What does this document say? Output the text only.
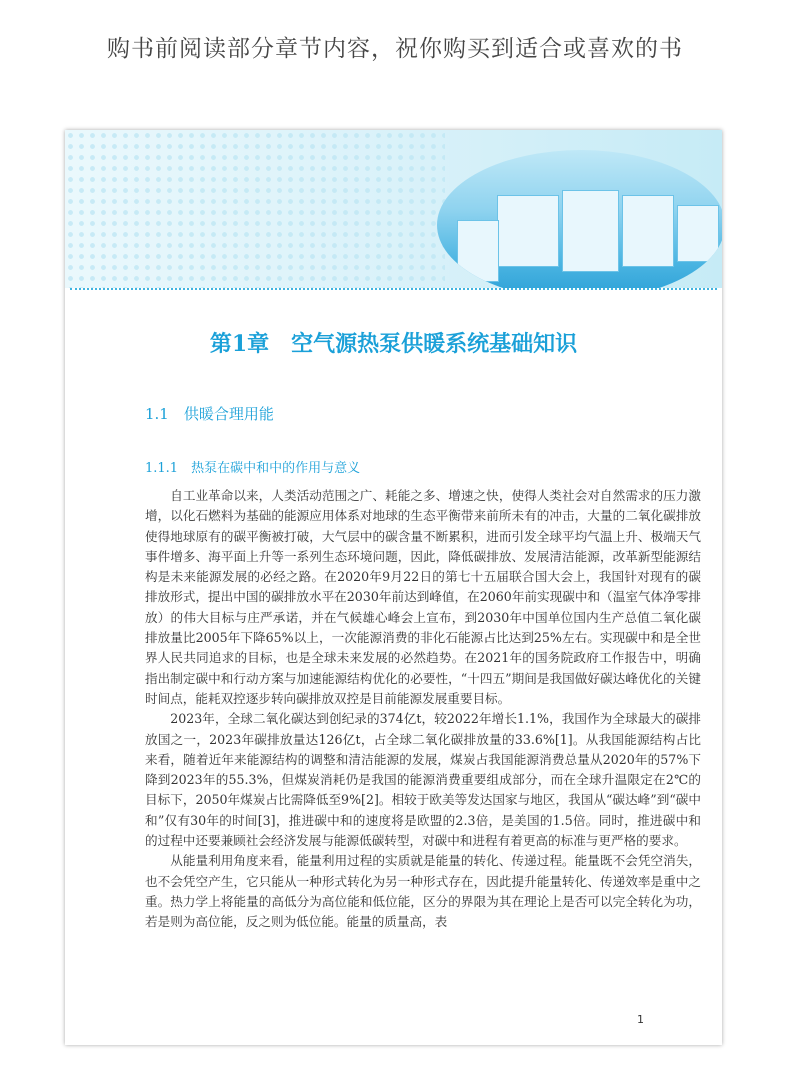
购书前阅读部分章节内容，祝你购买到适合或喜欢的书
第1章　空气源热泵供暖系统基础知识
1.1　供暖合理用能
1.1.1　热泵在碳中和中的作用与意义

自工业革命以来，人类活动范围之广、耗能之多、增速之快，使得人类社会对自然需求的压力激增，以化石燃料为基础的能源应用体系对地球的生态平衡带来前所未有的冲击，大量的二氧化碳排放使得地球原有的碳平衡被打破，大气层中的碳含量不断累积，进而引发全球平均气温上升、极端天气事件增多、海平面上升等一系列生态环境问题，因此，降低碳排放、发展清洁能源，改革新型能源结构是未来能源发展的必经之路。在2020年9月22日的第七十五届联合国大会上，我国针对现有的碳排放形式，提出中国的碳排放水平在2030年前达到峰值，在2060年前实现碳中和（温室气体净零排放）的伟大目标与庄严承诺，并在气候雄心峰会上宣布，到2030年中国单位国内生产总值二氧化碳排放量比2005年下降65%以上，一次能源消费的非化石能源占比达到25%左右。实现碳中和是全世界人民共同追求的目标，也是全球未来发展的必然趋势。在2021年的国务院政府工作报告中，明确指出制定碳中和行动方案与加速能源结构优化的必要性，“十四五”期间是我国做好碳达峰优化的关键时间点，能耗双控逐步转向碳排放双控是目前能源发展重要目标。

2023年，全球二氧化碳达到创纪录的374亿t，较2022年增长1.1%，我国作为全球最大的碳排放国之一，2023年碳排放量达126亿t，占全球二氧化碳排放量的33.6%[1]。从我国能源结构占比来看，随着近年来能源结构的调整和清洁能源的发展，煤炭占我国能源消费总量从2020年的57%下降到2023年的55.3%，但煤炭消耗仍是我国的能源消费重要组成部分，而在全球升温限定在2℃的目标下，2050年煤炭占比需降低至9%[2]。相较于欧美等发达国家与地区，我国从“碳达峰”到“碳中和”仅有30年的时间[3]，推进碳中和的速度将是欧盟的2.3倍，是美国的1.5倍。同时，推进碳中和的过程中还要兼顾社会经济发展与能源低碳转型，对碳中和进程有着更高的标准与更严格的要求。

从能量利用角度来看，能量利用过程的实质就是能量的转化、传递过程。能量既不会凭空消失，也不会凭空产生，它只能从一种形式转化为另一种形式存在，因此提升能量转化、传递效率是重中之重。热力学上将能量的高低分为高位能和低位能，区分的界限为其在理论上是否可以完全转化为功，若是则为高位能，反之则为低位能。能量的质量高，表

1
